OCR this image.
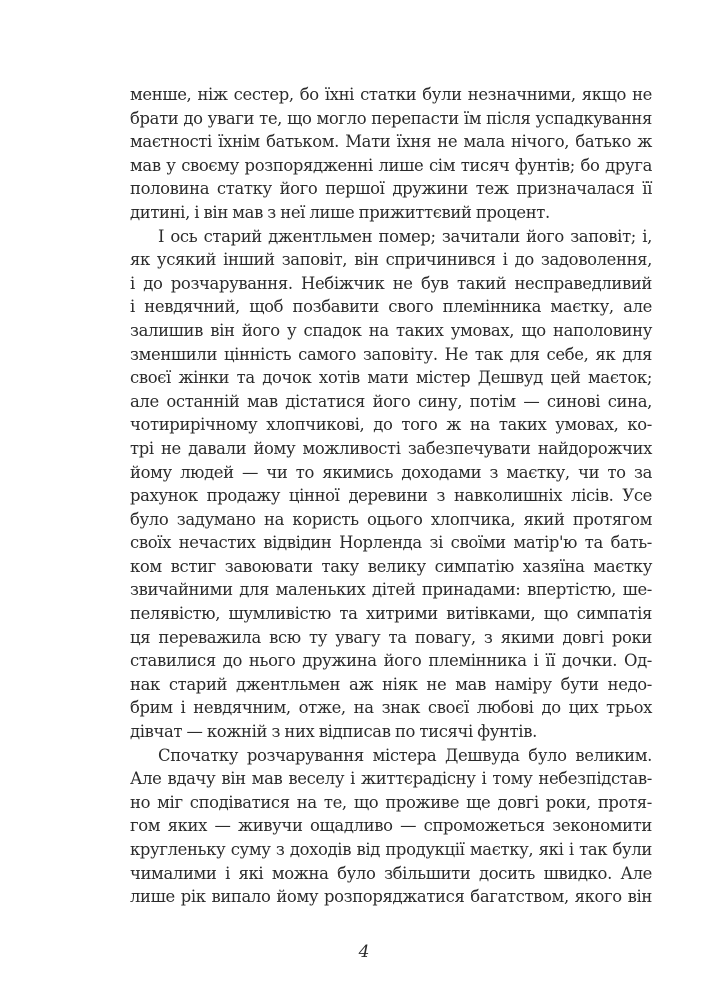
менше, ніж сестер, бо їхні статки були незначними, якщо не
брати до уваги те, що могло перепасти їм після успадкування
маєтності їхнім батьком. Мати їхня не мала нічого, батько ж
мав у своєму розпорядженні лише сім тисяч фунтів; бо друга
половина статку його першої дружини теж призначалася її
дитині, і він мав з неї лише прижиттєвий процент.
І ось старий джентльмен помер; зачитали його заповіт; і,
як усякий інший заповіт, він спричинився і до задоволення,
і до розчарування. Небіжчик не був такий несправедливий
і невдячний, щоб позбавити свого племінника маєтку, але
залишив він його у спадок на таких умовах, що наполовину
зменшили цінність самого заповіту. Не так для себе, як для
своєї жінки та дочок хотів мати містер Дешвуд цей маєток;
але останній мав дістатися його сину, потім — синові сина,
чотирирічному хлопчикові, до того ж на таких умовах, ко-
трі не давали йому можливості забезпечувати найдорожчих
йому людей — чи то якимись доходами з маєтку, чи то за
рахунок продажу цінної деревини з навколишніх лісів. Усе
було задумано на користь оцього хлопчика, який протягом
своїх нечастих відвідин Норленда зі своїми матір'ю та бать-
ком встиг завоювати таку велику симпатію хазяїна маєтку
звичайними для маленьких дітей принадами: впертістю, ше-
пелявістю, шумливістю та хитрими витівками, що симпатія
ця переважила всю ту увагу та повагу, з якими довгі роки
ставилися до нього дружина його племінника і її дочки. Од-
нак старий джентльмен аж ніяк не мав наміру бути недо-
брим і невдячним, отже, на знак своєї любові до цих трьох
дівчат — кожній з них відписав по тисячі фунтів.
Спочатку розчарування містера Дешвуда було великим.
Але вдачу він мав веселу і життєрадісну і тому небезпідстав-
но міг сподіватися на те, що проживе ще довгі роки, протя-
гом яких — живучи ощадливо — спроможеться зекономити
кругленьку суму з доходів від продукції маєтку, які і так були
чималими і які можна було збільшити досить швидко. Але
лише рік випало йому розпоряджатися багатством, якого він
4
